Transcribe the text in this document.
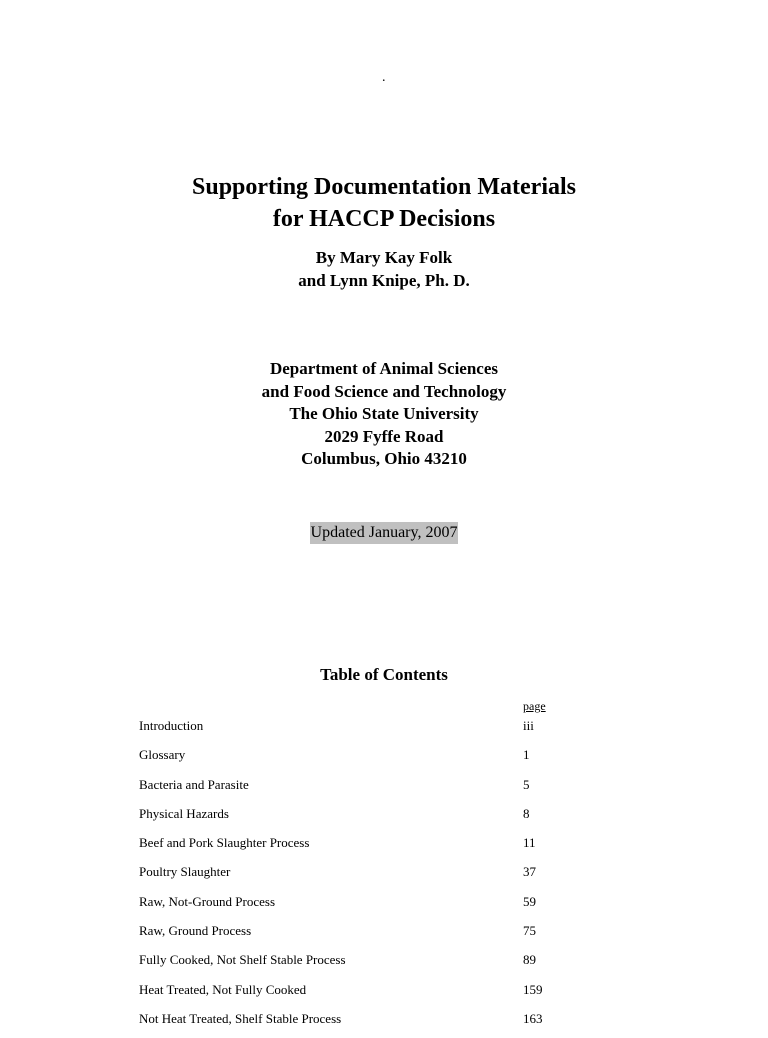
.
Supporting Documentation Materials
for HACCP Decisions
By Mary Kay Folk
and Lynn Knipe, Ph. D.
Department of Animal Sciences
and Food Science and Technology
The Ohio State University
2029 Fyffe Road
Columbus, Ohio 43210
Updated January, 2007
Table of Contents
page
Introduction	iii
Glossary	1
Bacteria and Parasite	5
Physical Hazards	8
Beef and Pork Slaughter Process	11
Poultry Slaughter	37
Raw, Not-Ground Process	59
Raw, Ground Process	75
Fully Cooked, Not Shelf Stable Process	89
Heat Treated, Not Fully Cooked	159
Not Heat Treated, Shelf Stable Process	163
